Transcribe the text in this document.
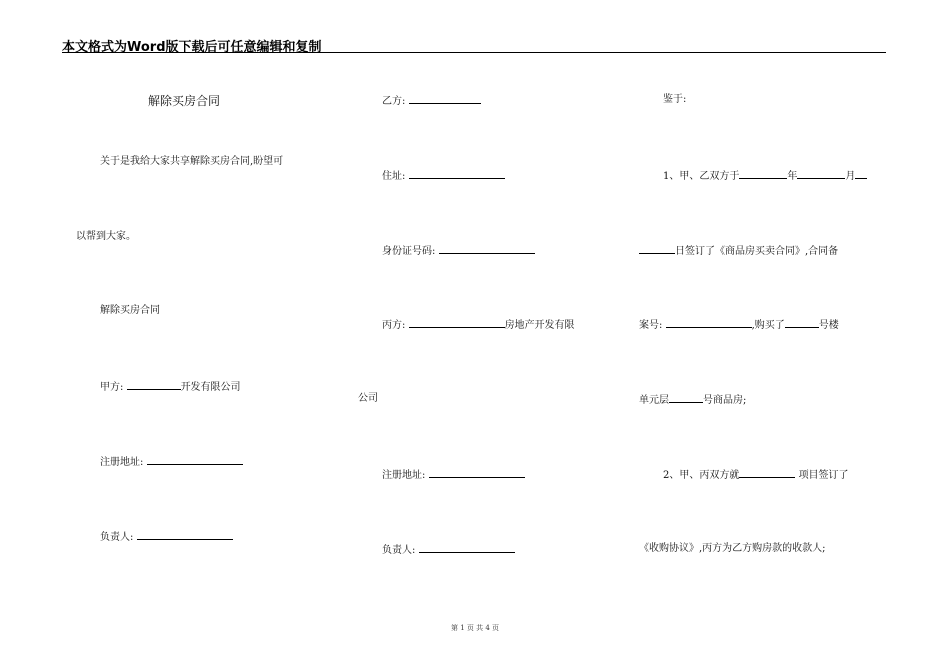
本文格式为Word版下载后可任意编辑和复制
解除买房合同
关于是我给大家共享解除买房合同,盼望可
以帮到大家。
解除买房合同
甲方:	开发有限公司
注册地址:
负责人:
乙方:
住址:
身份证号码:
丙方:	房地产开发有限
公司
注册地址:
负责人:
鉴于:
1、甲、乙双方于	年	月
日签订了《商品房买卖合同》,合同备
案号:	,购买了	号楼
单元层	号商品房;
2、甲、丙双方就	项目签订了
《收购协议》,丙方为乙方购房款的收款人;
第 1 页 共 4 页
